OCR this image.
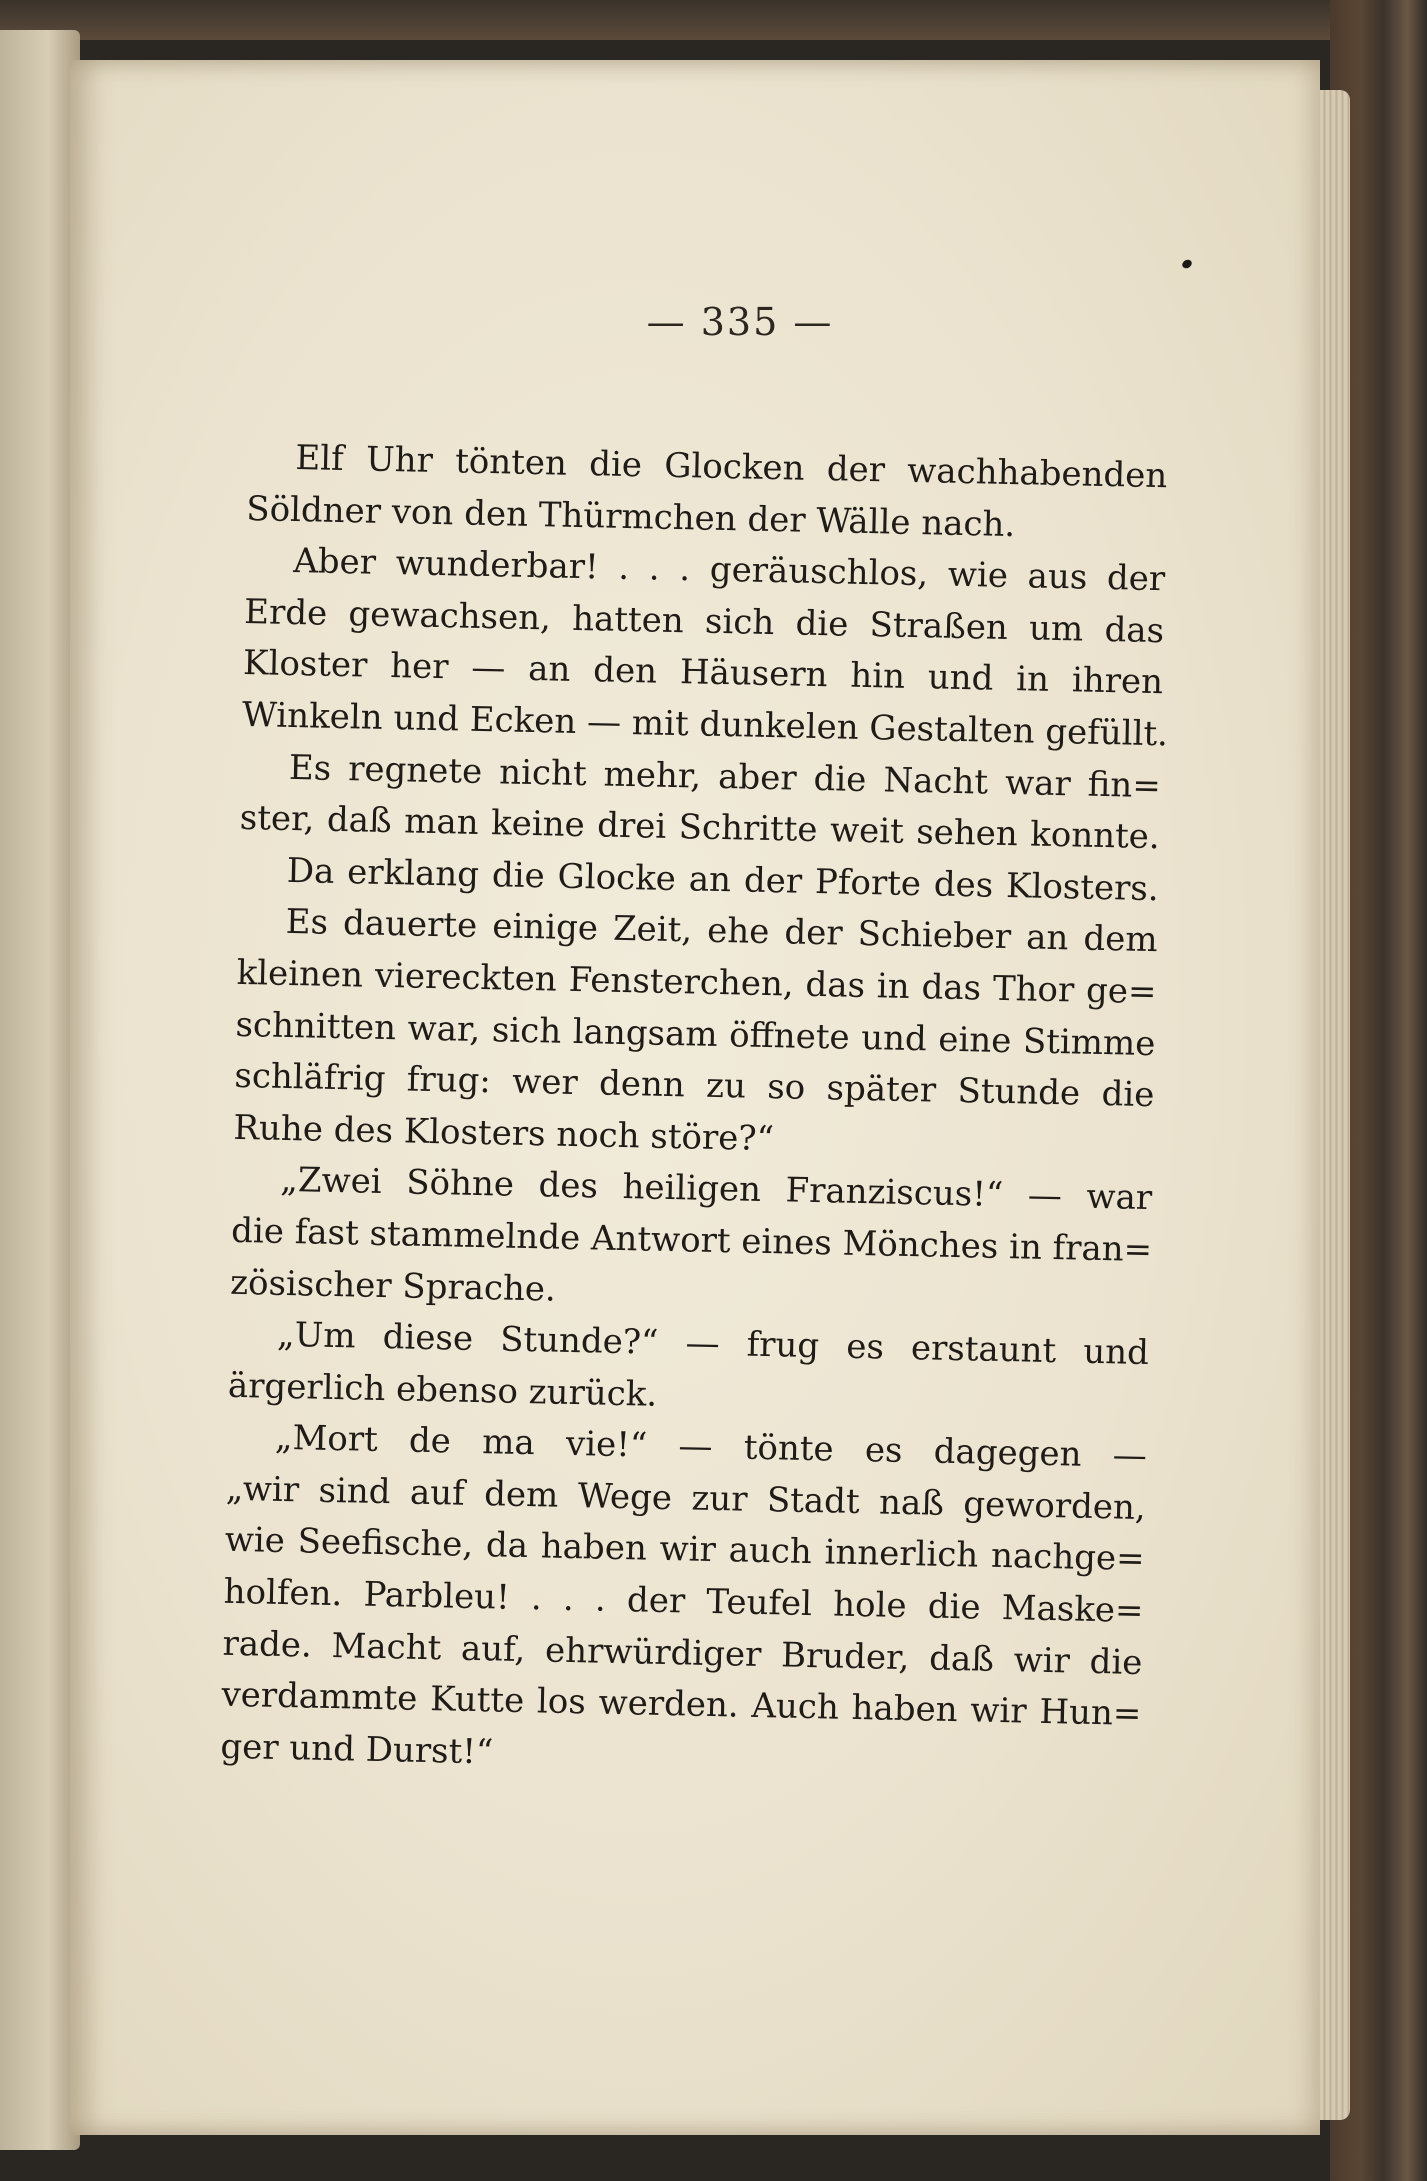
— 335 —
Elf Uhr tönten die Glocken der wachhabenden
Söldner von den Thürmchen der Wälle nach.
Aber wunderbar! . . . geräuschlos, wie aus der
Erde gewachsen, hatten sich die Straßen um das
Kloster her — an den Häusern hin und in ihren
Winkeln und Ecken — mit dunkelen Gestalten gefüllt.
Es regnete nicht mehr, aber die Nacht war fin=
ster, daß man keine drei Schritte weit sehen konnte.
Da erklang die Glocke an der Pforte des Klosters.
Es dauerte einige Zeit, ehe der Schieber an dem
kleinen viereckten Fensterchen, das in das Thor ge=
schnitten war, sich langsam öffnete und eine Stimme
schläfrig frug: wer denn zu so später Stunde die
Ruhe des Klosters noch störe?“
„Zwei Söhne des heiligen Franziscus!“ — war
die fast stammelnde Antwort eines Mönches in fran=
zösischer Sprache.
„Um diese Stunde?“ — frug es erstaunt und
ärgerlich ebenso zurück.
„Mort de ma vie!“ — tönte es dagegen —
„wir sind auf dem Wege zur Stadt naß geworden,
wie Seefische, da haben wir auch innerlich nachge=
holfen. Parbleu! . . . der Teufel hole die Maske=
rade. Macht auf, ehrwürdiger Bruder, daß wir die
verdammte Kutte los werden. Auch haben wir Hun=
ger und Durst!“
